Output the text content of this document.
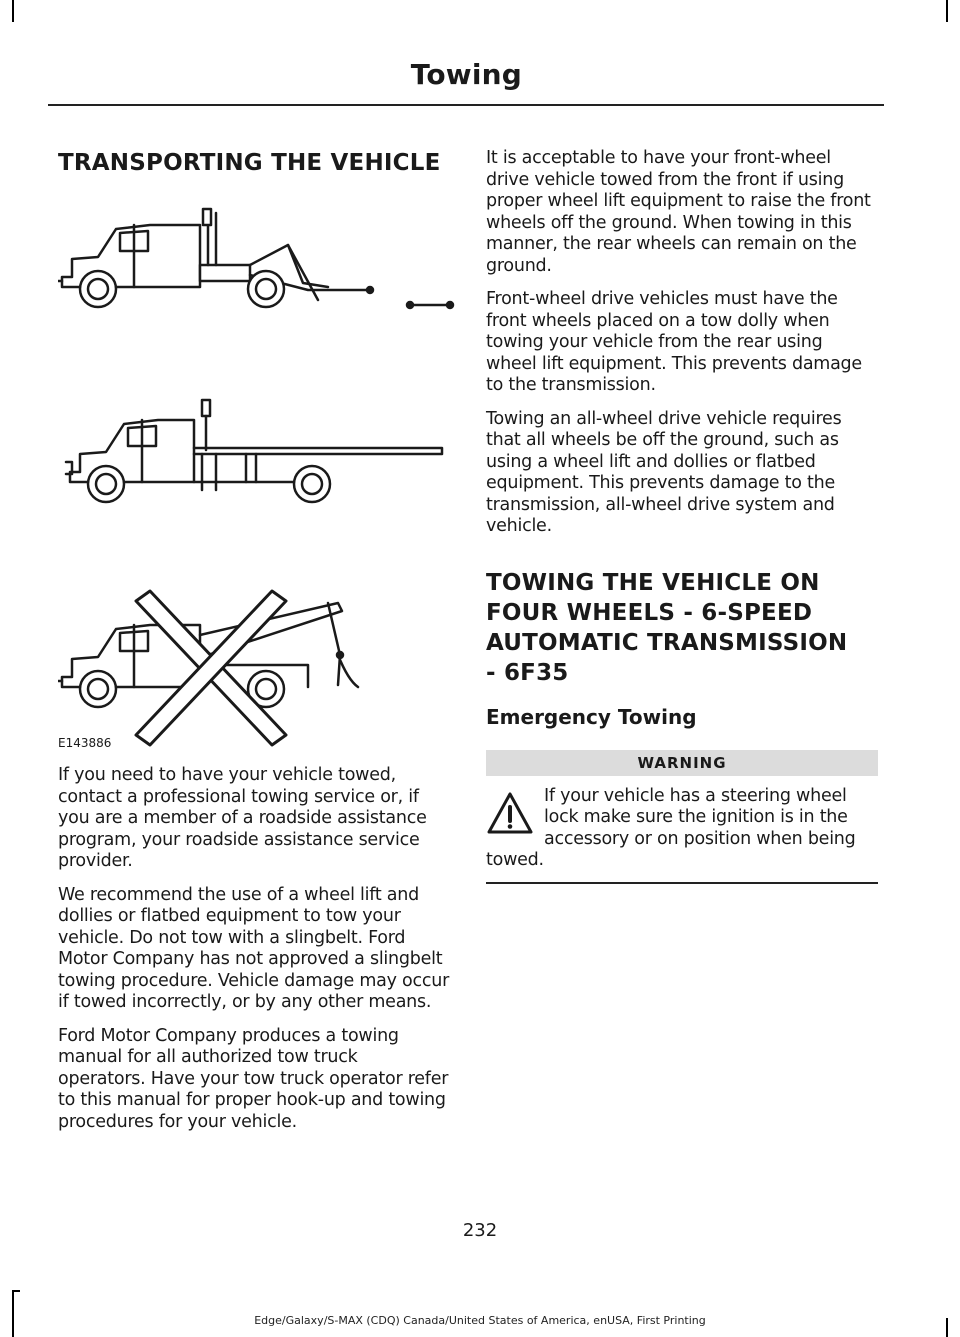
Towing
TRANSPORTING THE VEHICLE
E143886

If you need to have your vehicle towed, contact a professional towing service or, if you are a member of a roadside assistance program, your roadside assistance service provider.

We recommend the use of a wheel lift and dollies or flatbed equipment to tow your vehicle. Do not tow with a slingbelt. Ford Motor Company has not approved a slingbelt towing procedure. Vehicle damage may occur if towed incorrectly, or by any other means.

Ford Motor Company produces a towing manual for all authorized tow truck operators. Have your tow truck operator refer to this manual for proper hook-up and towing procedures for your vehicle.

It is acceptable to have your front-wheel drive vehicle towed from the front if using proper wheel lift equipment to raise the front wheels off the ground. When towing in this manner, the rear wheels can remain on the ground.

Front-wheel drive vehicles must have the front wheels placed on a tow dolly when towing your vehicle from the rear using wheel lift equipment. This prevents damage to the transmission.

Towing an all-wheel drive vehicle requires that all wheels be off the ground, such as using a wheel lift and dollies or flatbed equipment. This prevents damage to the transmission, all-wheel drive system and vehicle.

TOWING THE VEHICLE ON
FOUR WHEELS - 6-SPEED
AUTOMATIC TRANSMISSION
- 6F35
Emergency Towing
WARNING
If your vehicle has a steering wheel lock make sure the ignition is in the accessory or on position when being towed.
232
Edge/Galaxy/S-MAX (CDQ) Canada/United States of America, enUSA, First Printing
